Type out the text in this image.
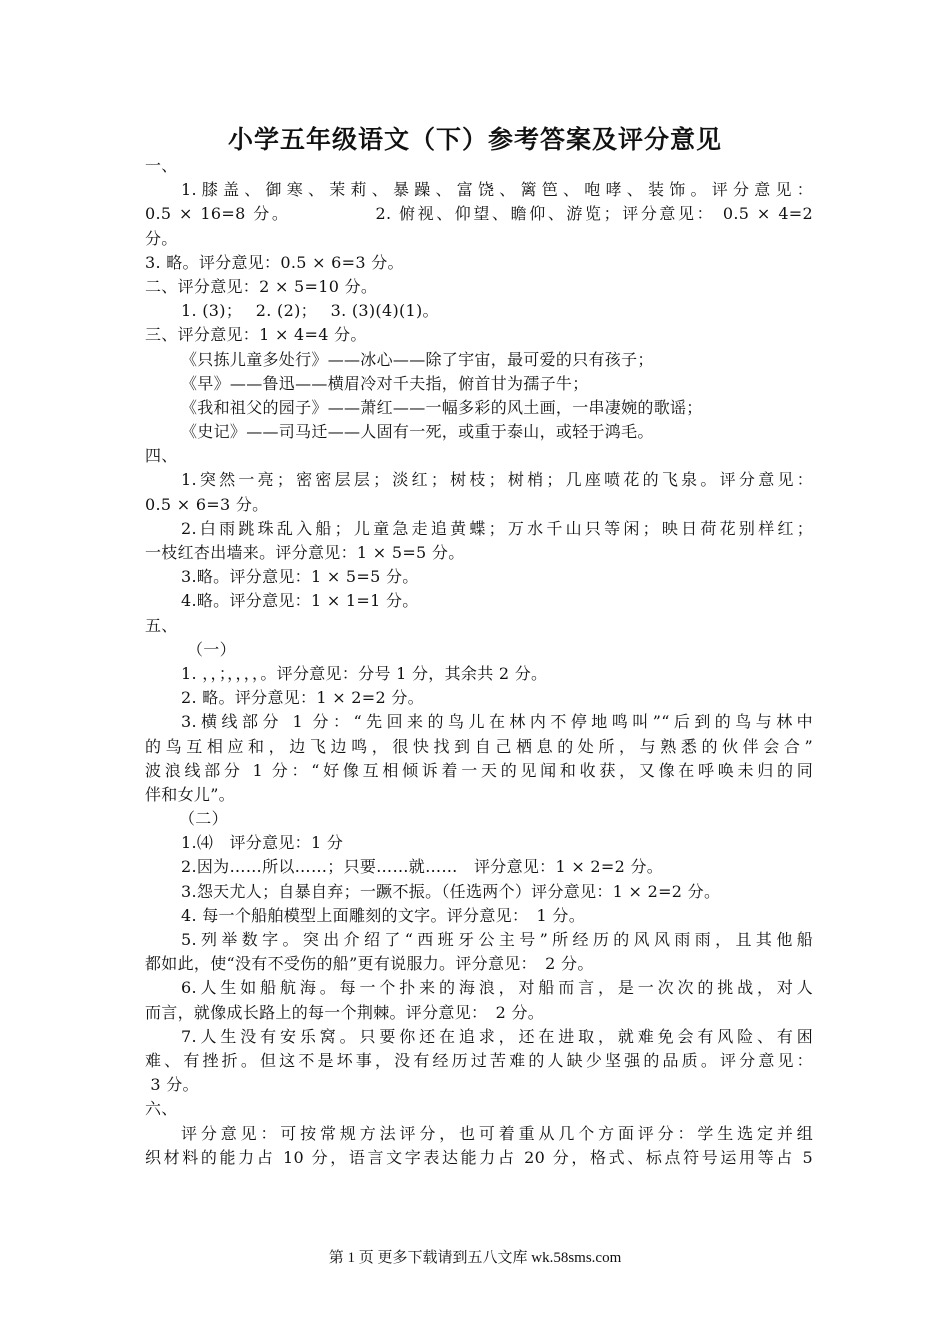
小学五年级语文（下）参考答案及评分意见
一、
1.膝盖、御寒、茉莉、暴躁、富饶、篱笆、咆哮、装饰。评分意见：
0.5 × 16=8 分。　　　　　2. 俯视、仰望、瞻仰、游览；评分意见： 0.5 × 4=2
分。
3. 略。评分意见：0.5 × 6=3 分。
二、评分意见：2 × 5=10 分。
1. (3)；　 2. (2)；　 3. (3)(4)(1)。
三、评分意见：1 × 4=4 分。
《只拣儿童多处行》——冰心——除了宇宙，最可爱的只有孩子；
《早》——鲁迅——横眉冷对千夫指，俯首甘为孺子牛；
《我和祖父的园子》——萧红——一幅多彩的风土画，一串凄婉的歌谣；
《史记》——司马迁——人固有一死，或重于泰山，或轻于鸿毛。
四、
1.突然一亮；密密层层；淡红；树枝；树梢；几座喷花的飞泉。评分意见：
0.5 × 6=3 分。
2.白雨跳珠乱入船；儿童急走追黄蝶；万水千山只等闲；映日荷花别样红；
一枝红杏出墙来。评分意见：1 × 5=5 分。
3.略。评分意见：1 × 5=5 分。
4.略。评分意见：1 × 1=1 分。
五、
（一）
1. ，，；，，，，。评分意见：分号 1 分，其余共 2 分。
2. 略。评分意见：1 × 2=2 分。
3.横线部分 1 分：“先回来的鸟儿在林内不停地鸣叫”“后到的鸟与林中
的鸟互相应和，边飞边鸣，很快找到自己栖息的处所，与熟悉的伙伴会合”
波浪线部分 1 分：“好像互相倾诉着一天的见闻和收获，又像在呼唤未归的同
伴和女儿”。
（二）
1.⑷　评分意见：1 分
2.因为……所以……；只要……就……　评分意见：1 × 2=2 分。
3.怨天尤人；自暴自弃；一蹶不振。（任选两个）评分意见：1 × 2=2 分。
4. 每一个船舶模型上面雕刻的文字。评分意见：　1 分。
5.列举数字。突出介绍了“西班牙公主号”所经历的风风雨雨，且其他船
都如此，使“没有不受伤的船”更有说服力。评分意见：　2 分。
6.人生如船航海。每一个扑来的海浪，对船而言，是一次次的挑战，对人
而言，就像成长路上的每一个荆棘。评分意见：　2 分。
7.人生没有安乐窝。只要你还在追求，还在进取，就难免会有风险、有困
难、有挫折。但这不是坏事，没有经历过苦难的人缺少坚强的品质。评分意见：
3 分。
六、
评分意见：可按常规方法评分，也可着重从几个方面评分：学生选定并组
织材料的能力占 10 分，语言文字表达能力占 20 分，格式、标点符号运用等占 5
第 1 页 更多下载请到五八文库 wk.58sms.com
